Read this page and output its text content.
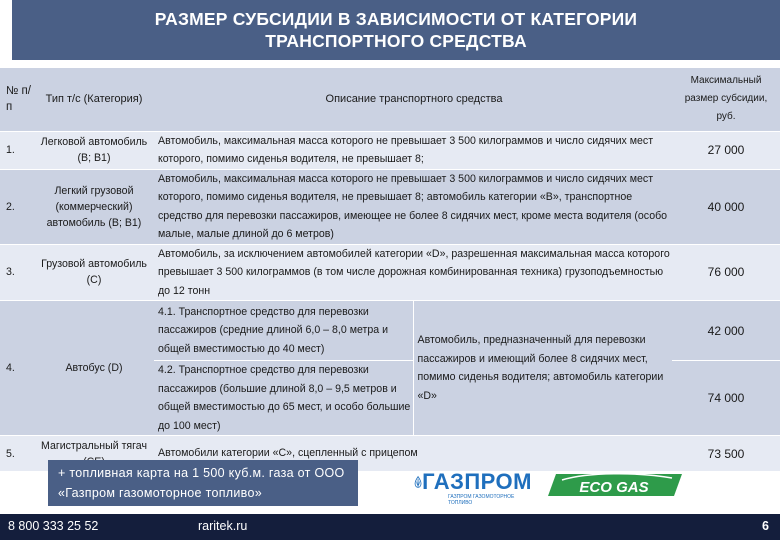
РАЗМЕР СУБСИДИИ В ЗАВИСИМОСТИ ОТ КАТЕГОРИИ ТРАНСПОРТНОГО СРЕДСТВА
№ п/п	Тип т/с (Категория)	Описание транспортного средства		Максимальный размер субсидии, руб.
1.	Легковой автомобиль (B; B1)	Автомобиль, максимальная масса которого не превышает 3 500 килограммов и число сидячих мест которого, помимо сиденья водителя, не превышает 8;		27 000
2.	Легкий грузовой (коммерческий) автомобиль (B; B1)	Автомобиль, максимальная масса которого не превышает 3 500 килограммов и число сидячих мест которого, помимо сиденья водителя, не превышает 8; автомобиль категории «В», транспортное средство для перевозки пассажиров, имеющее не более 8 сидячих мест, кроме места водителя (особо малые, малые длиной до 6 метров)		40 000
3.	Грузовой автомобиль (C)	Автомобиль, за исключением автомобилей категории «D», разрешенная максимальная масса которого превышает 3 500 килограммов (в том числе дорожная комбинированная техника) грузоподъемностью до 12 тонн		76 000
4.	Автобус (D)	4.1. Транспортное средство для перевозки пассажиров (средние длиной 6,0 – 8,0 метра и общей вместимостью до 40 мест)	Автомобиль, предназначенный для перевозки пассажиров и имеющий более 8 сидячих мест, помимо сиденья водителя; автомобиль категории «D»	42 000
		4.2. Транспортное средство для перевозки пассажиров (большие длиной 8,0 – 9,5 метров и общей вместимостью до 65 мест, и особо большие до 100 мест)		74 000
5.	Магистральный тягач	Автомобили категории «С», сцепленный с прицепом		73 500
+ топливная карта на 1 500 куб.м. газа от ООО «Газпром газомоторное топливо»	ГАЗПРОМ
ГАЗПРОМ ГАЗОМОТОРНОЕ ТОПЛИВО
ECO GAS
8 800 333 25 52	raritek.ru	6
